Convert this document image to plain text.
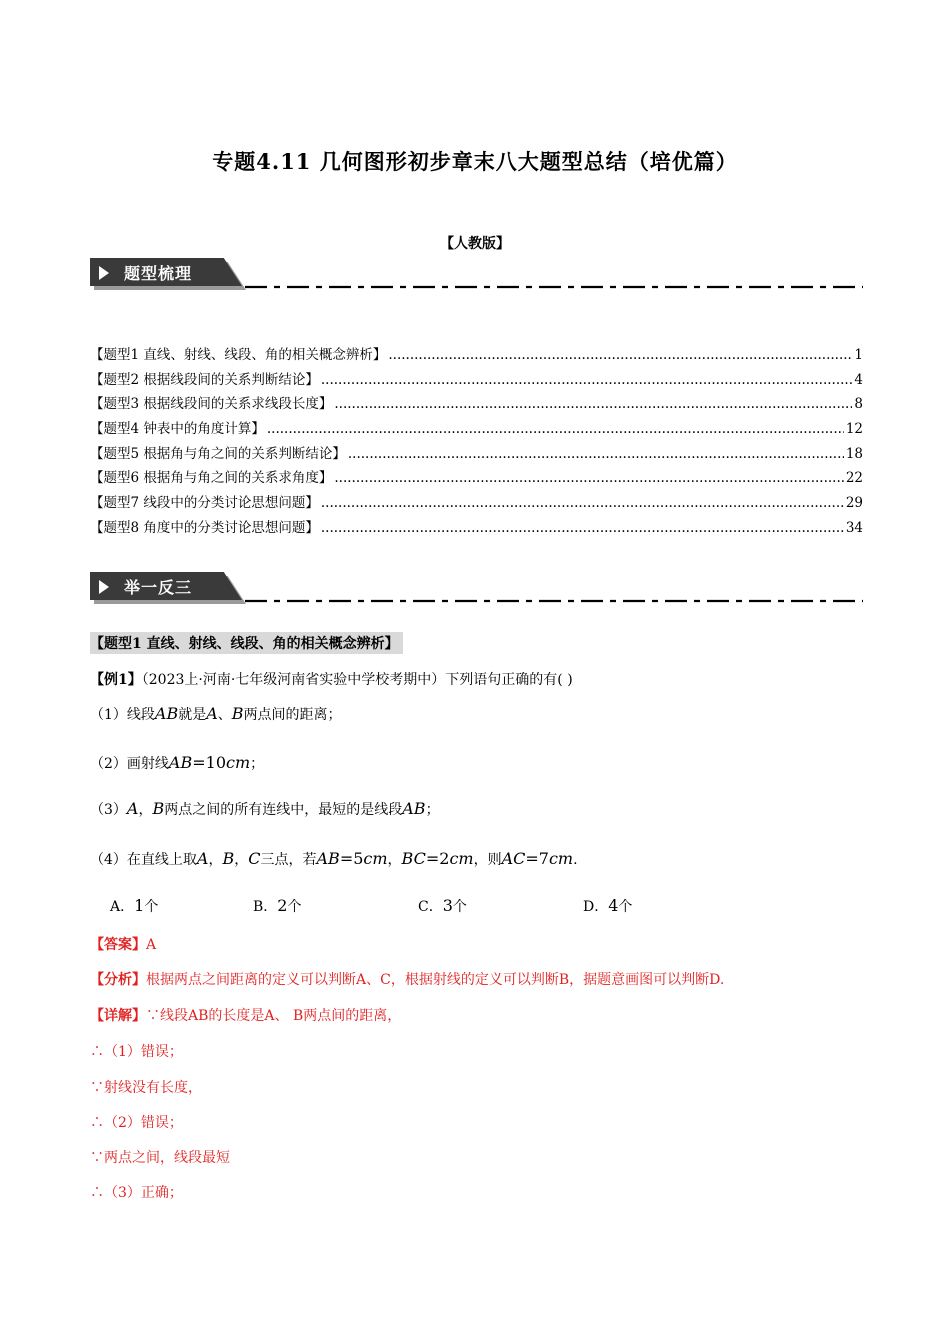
专题4.11 几何图形初步章末八大题型总结（培优篇）
【人教版】
题型梳理
【题型1 直线、射线、线段、角的相关概念辨析】 .....	1
【题型2 根据线段间的关系判断结论】 .....	4
【题型3 根据线段间的关系求线段长度】 .....	8
【题型4 钟表中的角度计算】 .....	12
【题型5 根据角与角之间的关系判断结论】 .....	18
【题型6 根据角与角之间的关系求角度】 .....	22
【题型7 线段中的分类讨论思想问题】 .....	29
【题型8 角度中的分类讨论思想问题】 .....	34
举一反三
【题型1 直线、射线、线段、角的相关概念辨析】
【例1】（2023上·河南·七年级河南省实验中学校考期中）下列语句正确的有( )
（1）线段AB就是A、B两点间的距离；
（2）画射线AB=10cm；
（3）A，B两点之间的所有连线中，最短的是线段AB；
（4）在直线上取A，B，C三点，若AB=5cm，BC=2cm，则AC=7cm.
A．1个	B．2个	C．3个	D．4个
【答案】A
【分析】根据两点之间距离的定义可以判断A、C，根据射线的定义可以判断B，据题意画图可以判断D.
【详解】∵线段AB的长度是A、 B两点间的距离，
∴（1）错误；
∵射线没有长度，
∴（2）错误；
∵两点之间，线段最短
∴（3）正确；
